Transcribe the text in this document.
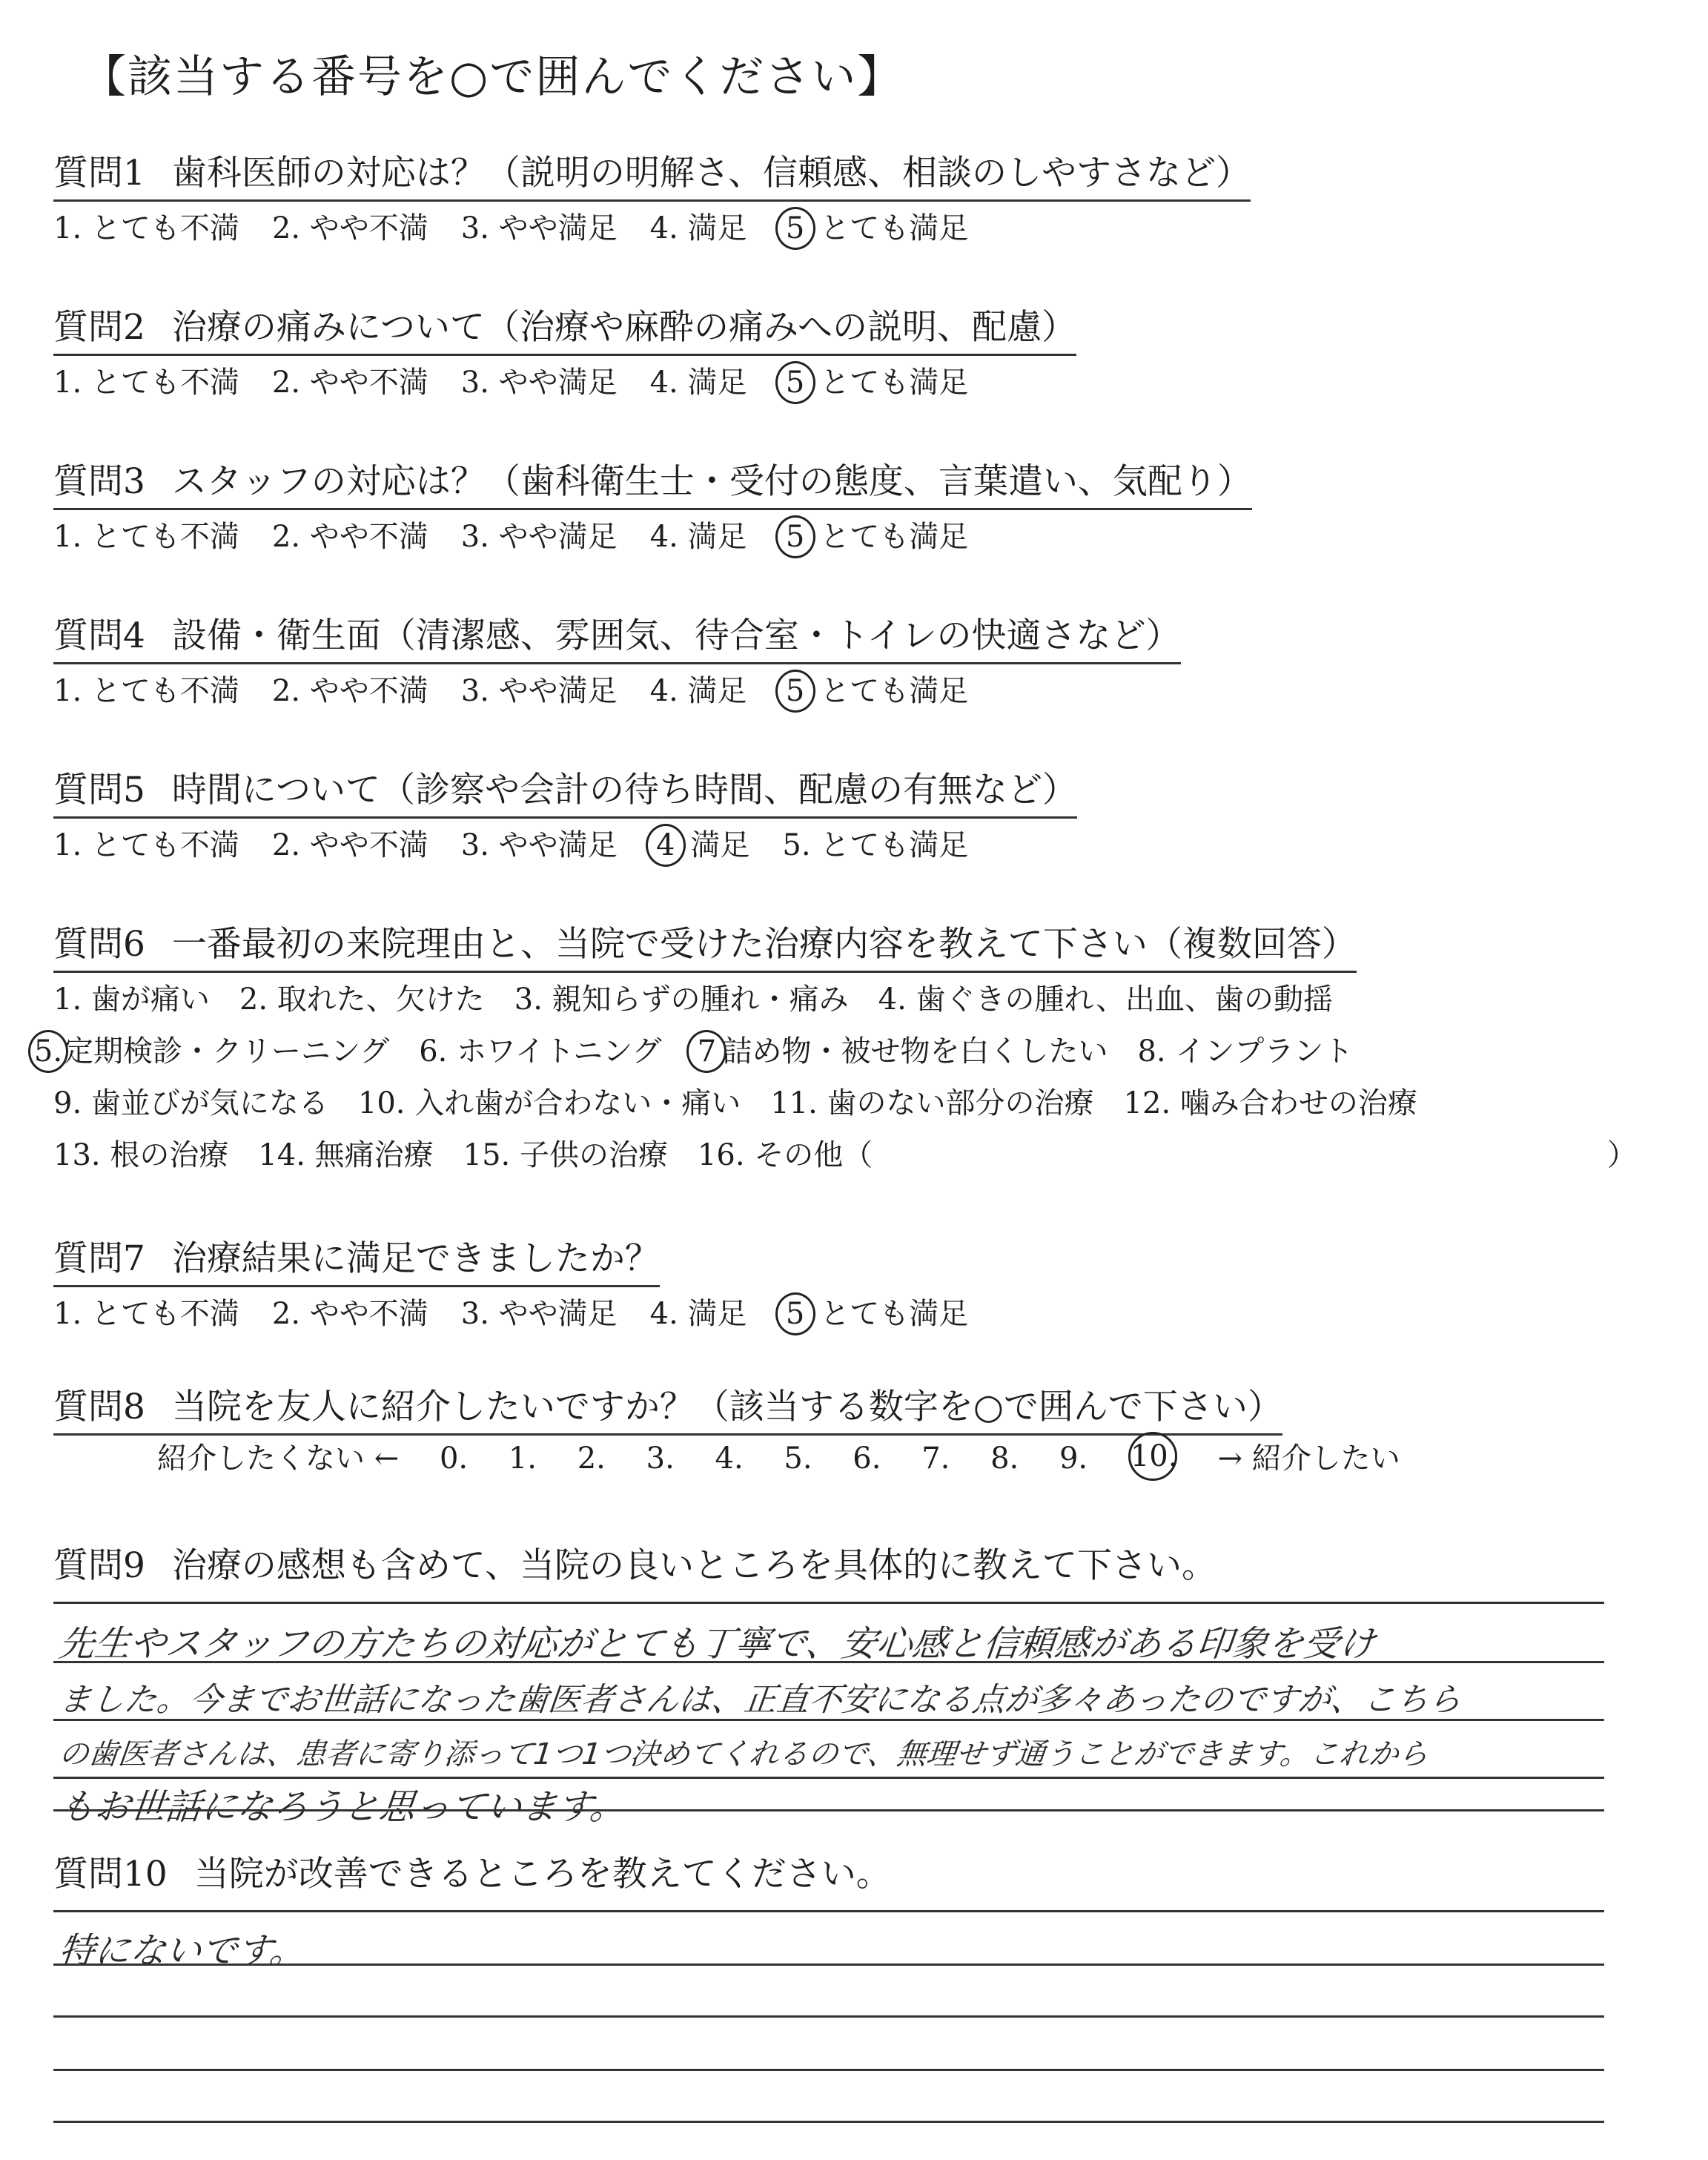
【該当する番号を○で囲んでください】
質問1 歯科医師の対応は？（説明の明解さ、信頼感、相談のしやすさなど）
1. とても不満 2. やや不満 3. やや満足 4. 満足 5 とても満足
質問2 治療の痛みについて（治療や麻酔の痛みへの説明、配慮）
1. とても不満 2. やや不満 3. やや満足 4. 満足 5 とても満足
質問3 スタッフの対応は？（歯科衛生士・受付の態度、言葉遣い、気配り）
1. とても不満 2. やや不満 3. やや満足 4. 満足 5 とても満足
質問4 設備・衛生面（清潔感、雰囲気、待合室・トイレの快適さなど）
1. とても不満 2. やや不満 3. やや満足 4. 満足 5 とても満足
質問5 時間について（診察や会計の待ち時間、配慮の有無など）
1. とても不満 2. やや不満 3. やや満足 4 満足 5. とても満足
質問6 一番最初の来院理由と、当院で受けた治療内容を教えて下さい（複数回答）
1. 歯が痛い 2. 取れた、欠けた 3. 親知らずの腫れ・痛み 4. 歯ぐきの腫れ、出血、歯の動揺
5.定期検診・クリーニング 6. ホワイトニング 7 詰め物・被せ物を白くしたい 8. インプラント
9. 歯並びが気になる 10. 入れ歯が合わない・痛い 11. 歯のない部分の治療 12. 噛み合わせの治療
13. 根の治療 14. 無痛治療 15. 子供の治療 16. その他（	）
質問7 治療結果に満足できましたか？
1. とても不満 2. やや不満 3. やや満足 4. 満足 5 とても満足
質問8 当院を友人に紹介したいですか？（該当する数字を○で囲んで下さい）
紹介したくない ← 0. 1. 2. 3. 4. 5. 6. 7. 8. 9. 10. → 紹介したい
質問9 治療の感想も含めて、当院の良いところを具体的に教えて下さい。
先生やスタッフの方たちの対応がとても丁寧で、安心感と信頼感がある印象を受け
ました。今までお世話になった歯医者さんは、正直不安になる点が多々あったのですが、こちら
の歯医者さんは、患者に寄り添って1つ1つ決めてくれるので、無理せず通うことができます。これから
もお世話になろうと思っています。
質問10 当院が改善できるところを教えてください。
特にないです。
